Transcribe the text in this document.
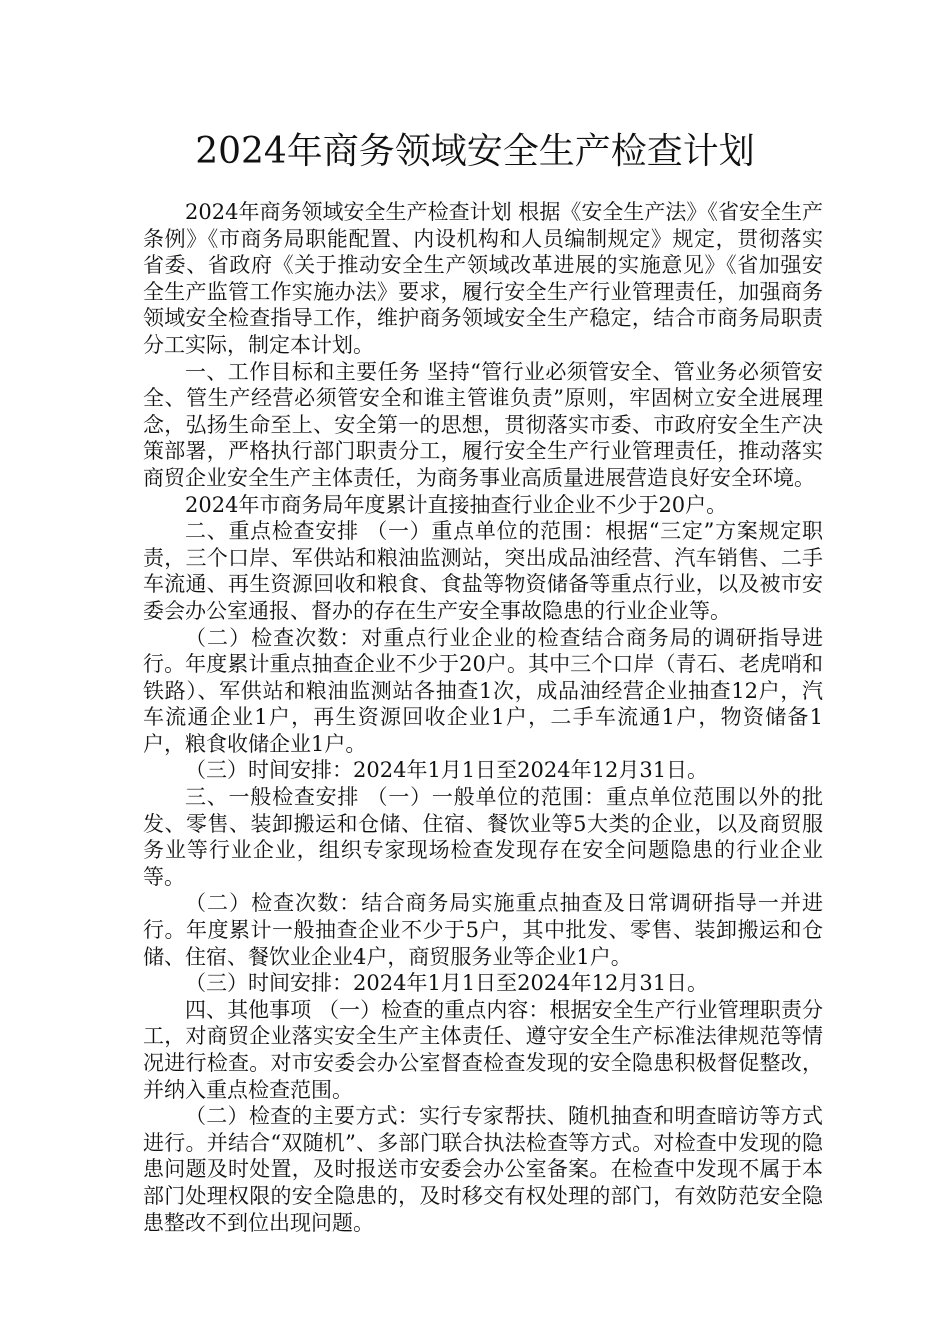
2024年商务领域安全生产检查计划

2024年商务领域安全生产检查计划 根据《安全生产法》《省安全生产条例》《市商务局职能配置、内设机构和人员编制规定》规定，贯彻落实省委、省政府《关于推动安全生产领域改革进展的实施意见》《省加强安全生产监管工作实施办法》要求，履行安全生产行业管理责任，加强商务领域安全检查指导工作，维护商务领域安全生产稳定，结合市商务局职责分工实际，制定本计划。

一、工作目标和主要任务 坚持“管行业必须管安全、管业务必须管安全、管生产经营必须管安全和谁主管谁负责”原则，牢固树立安全进展理念，弘扬生命至上、安全第一的思想，贯彻落实市委、市政府安全生产决策部署，严格执行部门职责分工，履行安全生产行业管理责任，推动落实商贸企业安全生产主体责任，为商务事业高质量进展营造良好安全环境。

2024年市商务局年度累计直接抽查行业企业不少于20户。

二、重点检查安排 （一）重点单位的范围：根据“三定”方案规定职责，三个口岸、军供站和粮油监测站，突出成品油经营、汽车销售、二手车流通、再生资源回收和粮食、食盐等物资储备等重点行业，以及被市安委会办公室通报、督办的存在生产安全事故隐患的行业企业等。

（二）检查次数：对重点行业企业的检查结合商务局的调研指导进行。年度累计重点抽查企业不少于20户。其中三个口岸（青石、老虎哨和铁路）、军供站和粮油监测站各抽查1次，成品油经营企业抽查12户，汽车流通企业1户，再生资源回收企业1户，二手车流通1户，物资储备1户，粮食收储企业1户。

（三）时间安排：2024年1月1日至2024年12月31日。

三、一般检查安排 （一）一般单位的范围：重点单位范围以外的批发、零售、装卸搬运和仓储、住宿、餐饮业等5大类的企业，以及商贸服务业等行业企业，组织专家现场检查发现存在安全问题隐患的行业企业等。

（二）检查次数：结合商务局实施重点抽查及日常调研指导一并进行。年度累计一般抽查企业不少于5户，其中批发、零售、装卸搬运和仓储、住宿、餐饮业企业4户，商贸服务业等企业1户。

（三）时间安排：2024年1月1日至2024年12月31日。

四、其他事项 （一）检查的重点内容：根据安全生产行业管理职责分工，对商贸企业落实安全生产主体责任、遵守安全生产标准法律规范等情况进行检查。对市安委会办公室督查检查发现的安全隐患积极督促整改，并纳入重点检查范围。

（二）检查的主要方式：实行专家帮扶、随机抽查和明查暗访等方式进行。并结合“双随机”、多部门联合执法检查等方式。对检查中发现的隐患问题及时处置，及时报送市安委会办公室备案。在检查中发现不属于本部门处理权限的安全隐患的，及时移交有权处理的部门，有效防范安全隐患整改不到位出现问题。
